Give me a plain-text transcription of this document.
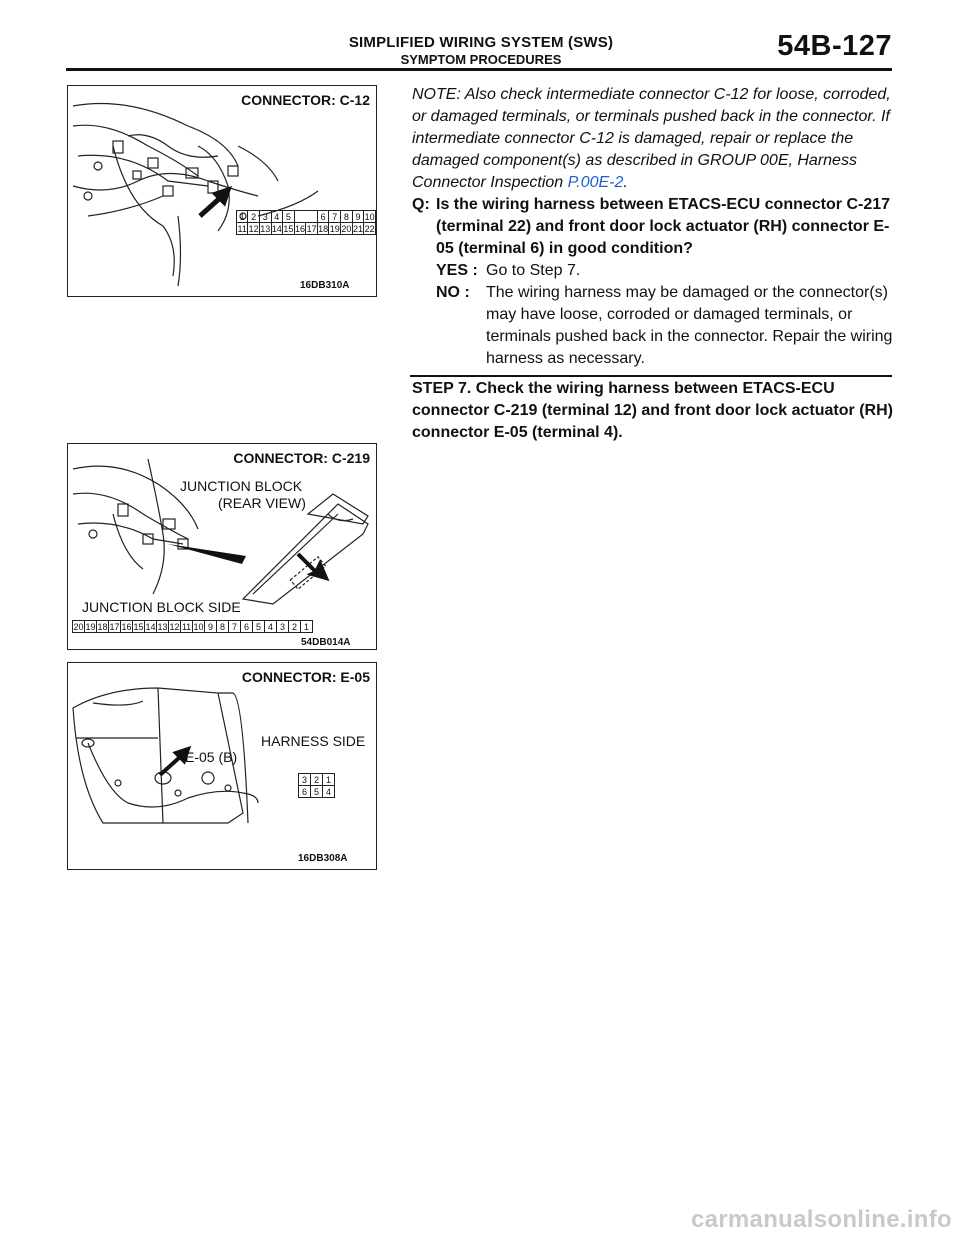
SIMPLIFIED WIRING SYSTEM (SWS)
SYMPTOM PROCEDURES	54B-127
CONNECTOR: C-12
1	2	3	4	5			6	7	8	9	10
11	12	13	14	15	16	17	18	19	20	21	22
16DB310A
CONNECTOR: C-219
JUNCTION BLOCK
(REAR VIEW)
JUNCTION BLOCK SIDE
20	19	18	17	16	15	14	13	12	11	10	9	8	7	6	5	4	3	2	1
54DB014A
CONNECTOR: E-05
E-05 (B)
HARNESS SIDE
3	2	1
6	5	4
16DB308A
NOTE: Also check intermediate connector C-12 for loose, corroded, or damaged terminals, or terminals pushed back in the connector. If intermediate connector C-12 is damaged, repair or replace the damaged component(s) as described in GROUP 00E, Harness Connector Inspection P.00E-2.
Q: Is the wiring harness between ETACS-ECU connector C-217 (terminal 22) and front door lock actuator (RH) connector E-05 (terminal 6) in good condition?
YES : Go to Step 7.
NO : The wiring harness may be damaged or the connector(s) may have loose, corroded or damaged terminals, or terminals pushed back in the connector. Repair the wiring harness as necessary.
STEP 7. Check the wiring harness between ETACS-ECU connector C-219 (terminal 12) and front door lock actuator (RH) connector E-05 (terminal 4).
carmanualsonline.info
